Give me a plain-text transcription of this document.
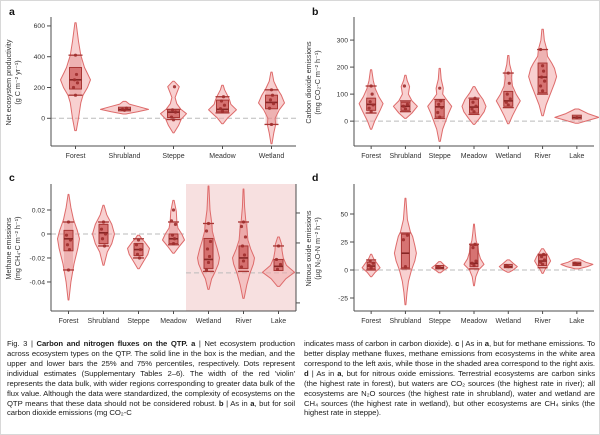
600
400
200
0
Forest	Shrubland	Steppe	Meadow	Wetland
Net ecosystem productivity (g C m⁻² yr⁻¹)
a
300
200
100
0
Forest Shrubland Steppe Meadow Wetland River	Lake
Carbon dioxide emissions (mg CO₂-C m⁻² h⁻¹)
b
0.02
0
-0.02
-0.04
Forest Shrubland Steppe Meadow Wetland River	Lake
Methane emissions (mg CH₄-C m⁻² h⁻¹)
c
50
25
0
-25
Forest Shrubland Steppe Meadow Wetland River	Lake
Nitrous oxide emissions (µg N₂O-N m⁻² h⁻¹)
d
Fig. 3 | Carbon and nitrogen fluxes on the QTP. a | Net ecosystem production across ecosystem types on the QTP. The solid line in the box is the median, and the upper and lower bars the 25% and 75% percentiles, respectively. Dots represent individual estimates (Supplementary Tables 2–6). The width of the red 'violin' represents the data bulk, with wider regions corresponding to greater data bulk of the flux value. Although the data were standardized, the complexity of ecosystems on the QTP means that these data should not be considered robust. b | As in a, but for soil carbon dioxide emissions (mg CO₂-C
indicates mass of carbon in carbon dioxide). c | As in a, but for methane emissions. To better display methane fluxes, methane emissions from ecosystems in the white area correspond to the left axis, while those in the shaded area correspond to the right axis. d | As in a, but for nitrous oxide emissions. Terrestrial ecosystems are carbon sinks (the highest rate in forest), but waters are CO₂ sources (the highest rate in river); all ecosystems are N₂O sources (the highest rate in shrubland), water and wetland are CH₄ sources (the highest rate in wetland), but other ecosystems are CH₄ sinks (the highest rate in steppe).
